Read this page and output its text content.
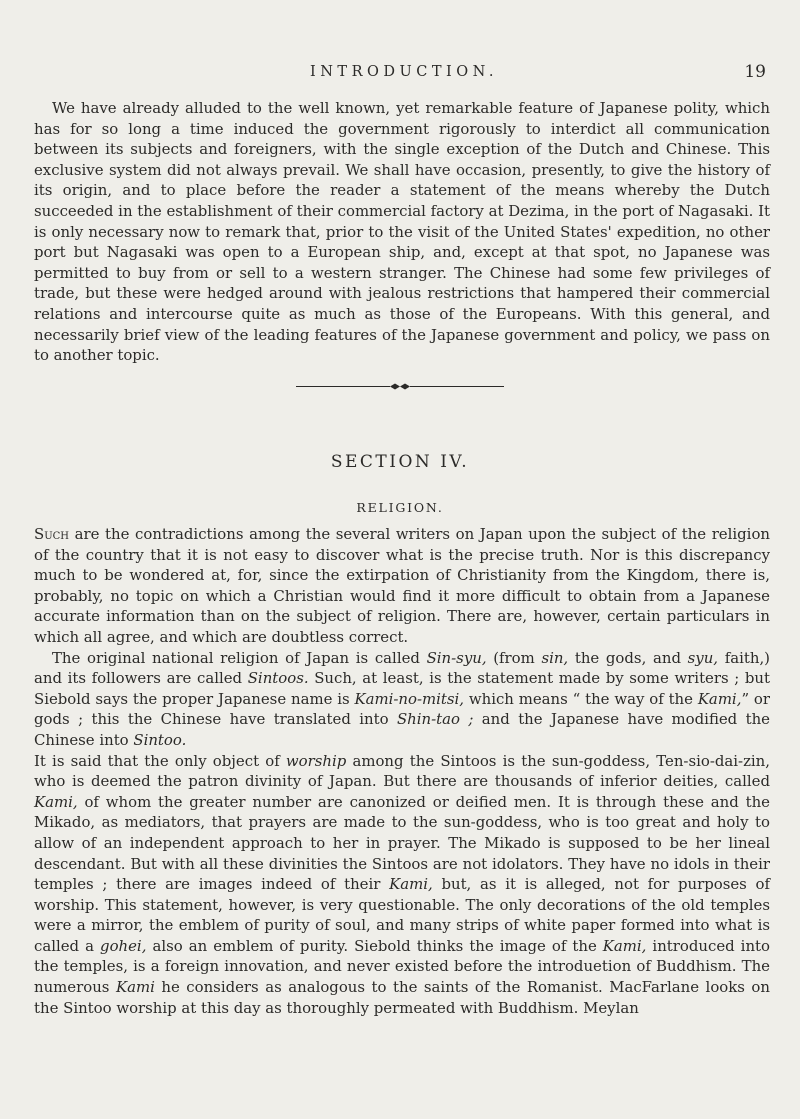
INTRODUCTION.	19

We have already alluded to the well known, yet remarkable feature of Japanese polity, which has for so long a time induced the government rigorously to interdict all communication between its subjects and foreigners, with the single exception of the Dutch and Chinese. This exclusive system did not always prevail. We shall have occasion, presently, to give the history of its origin, and to place before the reader a statement of the means whereby the Dutch succeeded in the establishment of their commercial factory at Dezima, in the port of Nagasaki. It is only necessary now to remark that, prior to the visit of the United States' expedition, no other port but Nagasaki was open to a European ship, and, except at that spot, no Japanese was permitted to buy from or sell to a western stranger. The Chinese had some few privileges of trade, but these were hedged around with jealous restrictions that hampered their commercial relations and intercourse quite as much as those of the Europeans. With this general, and necessarily brief view of the leading features of the Japanese government and policy, we pass on to another topic.

SECTION IV.
RELIGION.

Such are the contradictions among the several writers on Japan upon the subject of the religion of the country that it is not easy to discover what is the precise truth. Nor is this discrepancy much to be wondered at, for, since the extirpation of Christianity from the Kingdom, there is, probably, no topic on which a Christian would find it more difficult to obtain from a Japanese accurate information than on the subject of religion. There are, however, certain particulars in which all agree, and which are doubtless correct.

The original national religion of Japan is called Sin-syu, (from sin, the gods, and syu, faith,) and its followers are called Sintoos. Such, at least, is the statement made by some writers ; but Siebold says the proper Japanese name is Kami-no-mitsi, which means “ the way of the Kami,” or gods ; this the Chinese have translated into Shin-tao ; and the Japanese have modified the Chinese into Sintoo.

It is said that the only object of worship among the Sintoos is the sun-goddess, Ten-sio-dai-zin, who is deemed the patron divinity of Japan. But there are thousands of inferior deities, called Kami, of whom the greater number are canonized or deified men. It is through these and the Mikado, as mediators, that prayers are made to the sun-goddess, who is too great and holy to allow of an independent approach to her in prayer. The Mikado is supposed to be her lineal descendant. But with all these divinities the Sintoos are not idolators. They have no idols in their temples ; there are images indeed of their Kami, but, as it is alleged, not for purposes of worship. This statement, however, is very questionable. The only decorations of the old temples were a mirror, the emblem of purity of soul, and many strips of white paper formed into what is called a gohei, also an emblem of purity. Siebold thinks the image of the Kami, introduced into the temples, is a foreign innovation, and never existed before the introduetion of Buddhism. The numerous Kami he considers as analogous to the saints of the Romanist. MacFarlane looks on the Sintoo worship at this day as thoroughly permeated with Buddhism. Meylan
